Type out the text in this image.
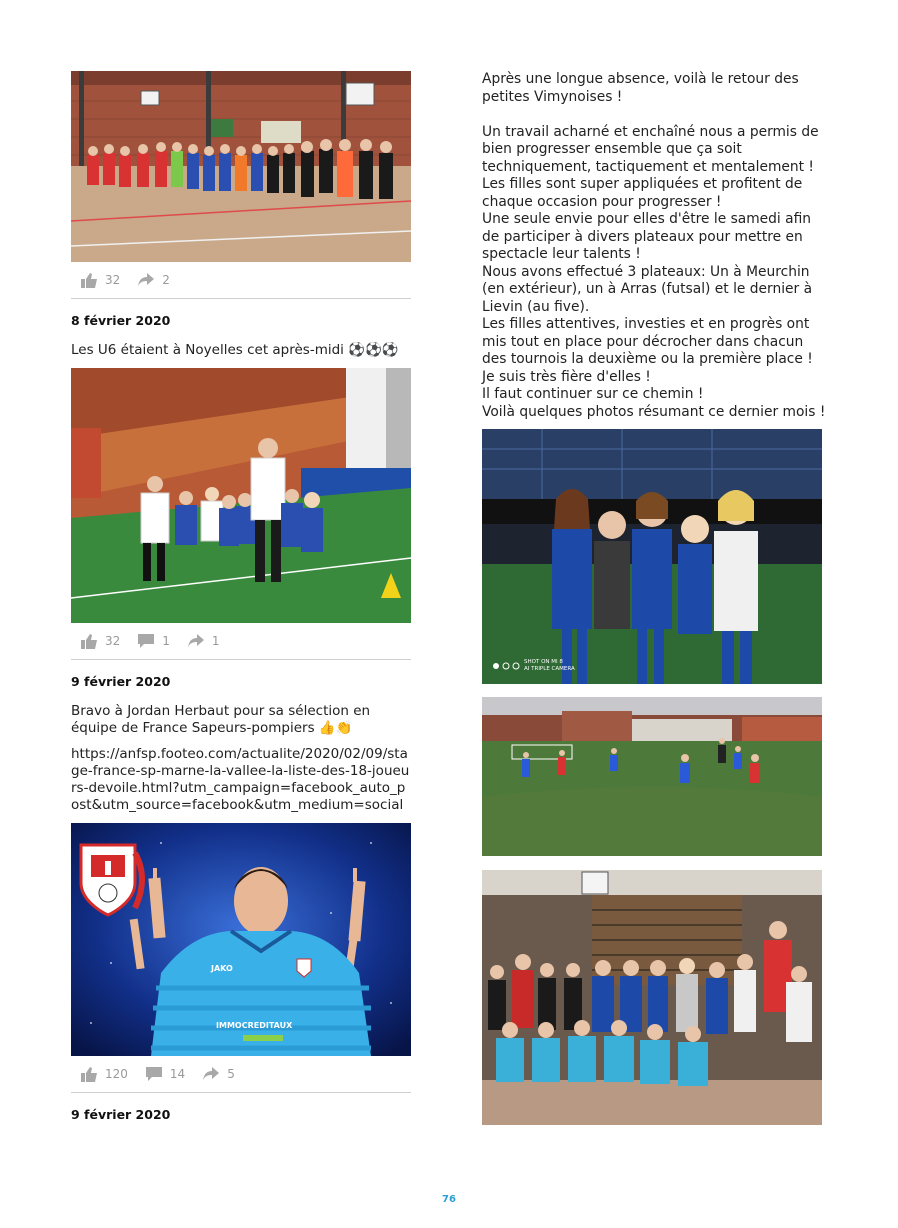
32	2
8 février 2020
Les U6 étaient à Noyelles cet après-midi ⚽⚽⚽
32	1	1
9 février 2020
Bravo à Jordan Herbaut pour sa sélection en équipe de France Sapeurs-pompiers 👍👏
https://anfsp.footeo.com/actualite/2020/02/09/stage-france-sp-marne-la-vallee-la-liste-des-18-joueurs-devoile.html?utm_campaign=facebook_auto_post&utm_source=facebook&utm_medium=social
JAKO
IMMOCREDITAUX
120	14	5
9 février 2020
Après une longue absence, voilà le retour des petites Vimynoises !

Un travail acharné et enchaîné nous a permis de bien progresser ensemble que ça soit techniquement, tactiquement et mentalement !
Les filles sont super appliquées et profitent de chaque occasion pour progresser !
Une seule envie pour elles d'être le samedi afin de participer à divers plateaux pour mettre en spectacle leur talents !
Nous avons effectué 3 plateaux: Un à Meurchin (en extérieur), un à Arras (futsal) et le dernier à Lievin (au five).
Les filles attentives, investies et en progrès ont mis tout en place pour décrocher dans chacun des tournois la deuxième ou la première place !
Je suis très fière d'elles !
Il faut continuer sur ce chemin !
Voilà quelques photos résumant ce dernier mois !
SHOT ON MI 8 AI TRIPLE CAMERA
76
